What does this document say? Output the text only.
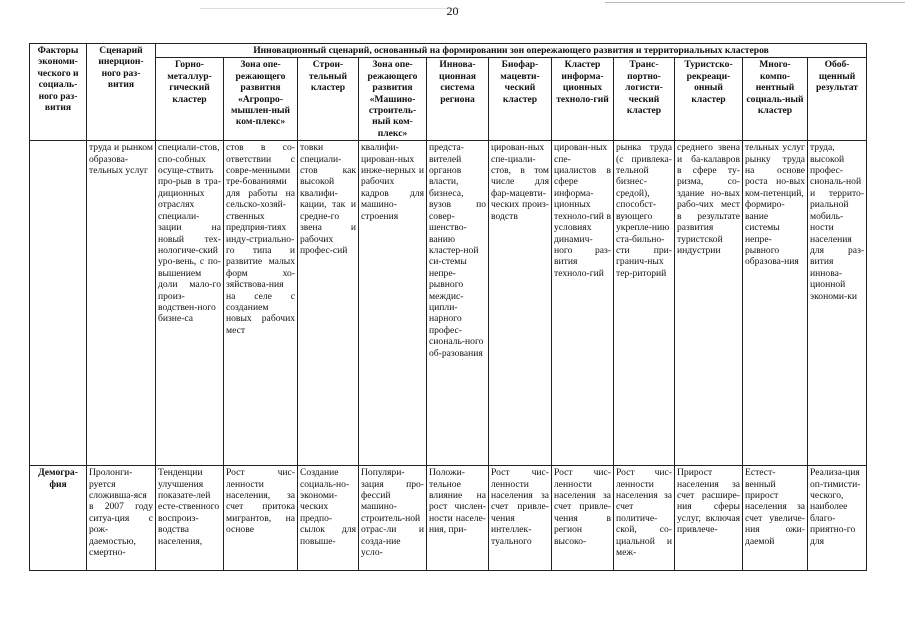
20
Факторы экономи-ческого и социаль-ного раз-вития	Сценарий инерцион-ного раз-вития	Инновационный сценарий, основанный на формировании зон опережающего развития и территориальных кластеров										
		Горно-металлур-гический кластер	Зона опе-режающего развития «Агропро-мышлен-ный ком-плекс»	Строи-тельный кластер	Зона опе-режающего развития «Машино-строитель-ный ком-плекс»	Иннова-ционная система региона	Биофар-мацевти-ческий кластер	Кластер информа-ционных техноло-гий	Транс-портно-логисти-ческий кластер	Туристско-рекреаци-онный кластер	Много-компо-нентный социаль-ный кластер	Обоб-щенный результат
	труда и рынком образова-тельных услуг	специали-стов, спо-собных осуще-ствить про-рыв в тра-диционных отраслях специали-зации на новый тех-нологиче-ский уро-вень, с по-вышением доли мало-го произ-водствен-ного бизне-са	стов в со-ответствии с совре-менными тре-бованиями для работы на сельско-хозяй-ственных предприя-тиях инду-стриально-го типа и развитие малых форм хо-зяйствова-ния на селе с созданием новых рабочих мест	товки специали-стов как высокой квалифи-кации, так и средне-го звена и рабочих профес-сий	квалифи-цирован-ных инже-нерных и рабочих кадров для машино-строения	предста-вителей органов власти, бизнеса, вузов по совер-шенство-ванию кластер-ной си-стемы непре-рывного междис-ципли-нарного профес-сиональ-ного об-разования	цирован-ных спе-циали-стов, в том числе для фар-мацевти-ческих произ-водств	цирован-ных спе-циалистов в сфере информа-ционных техноло-гий в условиях динамич-ного раз-вития техноло-гий	рынка труда (с привлека-тельной бизнес-средой), способст-вующего укрепле-нию ста-бильно-сти при-гранич-ных тер-риторий	среднего звена и ба-калавров в сфере ту-ризма, со-здание но-вых рабо-чих мест в результате развития туристской индустрии	тельных услуг рынку труда на основе роста но-вых ком-петенций, формиро-вание системы непре-рывного образова-ния	труда, высокой профес-сиональ-ной и террито-риальной мобиль-ности населения для раз-вития иннова-ционной экономи-ки
Демогра-фия	Пролонги-руется сложивша-яся в 2007 году ситуа-ция с рож-даемостью, смертно-	Тенденции улучшения показате-лей есте-ственного воспроиз-водства населения,	Рост чис-ленности населения, за счет притока мигрантов, на основе	Создание социаль-но-экономи-ческих предпо-сылок для повыше-	Популяри-зация про-фессий машино-строитель-ной отрас-ли и созда-ние усло-	Положи-тельное влияние на рост числен-ности населе-ния, при-	Рост чис-ленности населения за счет привле-чения интеллек-туального	Рост чис-ленности населения за счет привле-чения в регион высоко-	Рост чис-ленности населения за счет политиче-ской, со-циальной и меж-	Прирост населения за счет расшире-ния сферы услуг, включая привлече-	Естест-венный прирост населения за счет увеличе-ния ожи-даемой	Реализа-ция оп-тимисти-ческого, наиболее благо-приятно-го для
